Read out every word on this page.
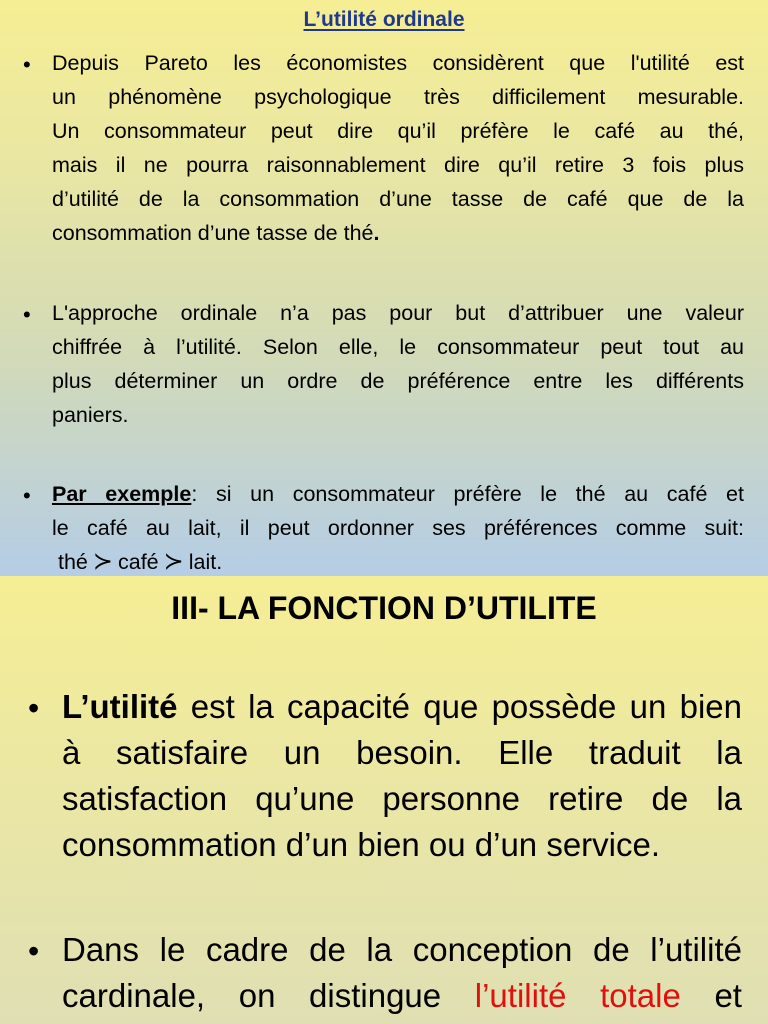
L’utilité ordinale
• Depuis Pareto les économistes considèrent que l'utilité est
un phénomène psychologique très difficilement mesurable.
Un consommateur peut dire qu’il préfère le café au thé,
mais il ne pourra raisonnablement dire qu’il retire 3 fois plus
d’utilité de la consommation d’une tasse de café que de la
consommation d’une tasse de thé.
• L'approche ordinale n’a pas pour but d’attribuer une valeur
chiffrée à l’utilité. Selon elle, le consommateur peut tout au
plus déterminer un ordre de préférence entre les différents
paniers.
• Par exemple: si un consommateur préfère le thé au café et
le café au lait, il peut ordonner ses préférences comme suit:
thé ≻ café ≻ lait.
III- LA FONCTION D’UTILITE
• L’utilité est la capacité que possède un bien
à satisfaire un besoin. Elle traduit la
satisfaction qu’une personne retire de la
consommation d’un bien ou d’un service.
• Dans le cadre de la conception de l’utilité
cardinale, on distingue l’utilité totale et
